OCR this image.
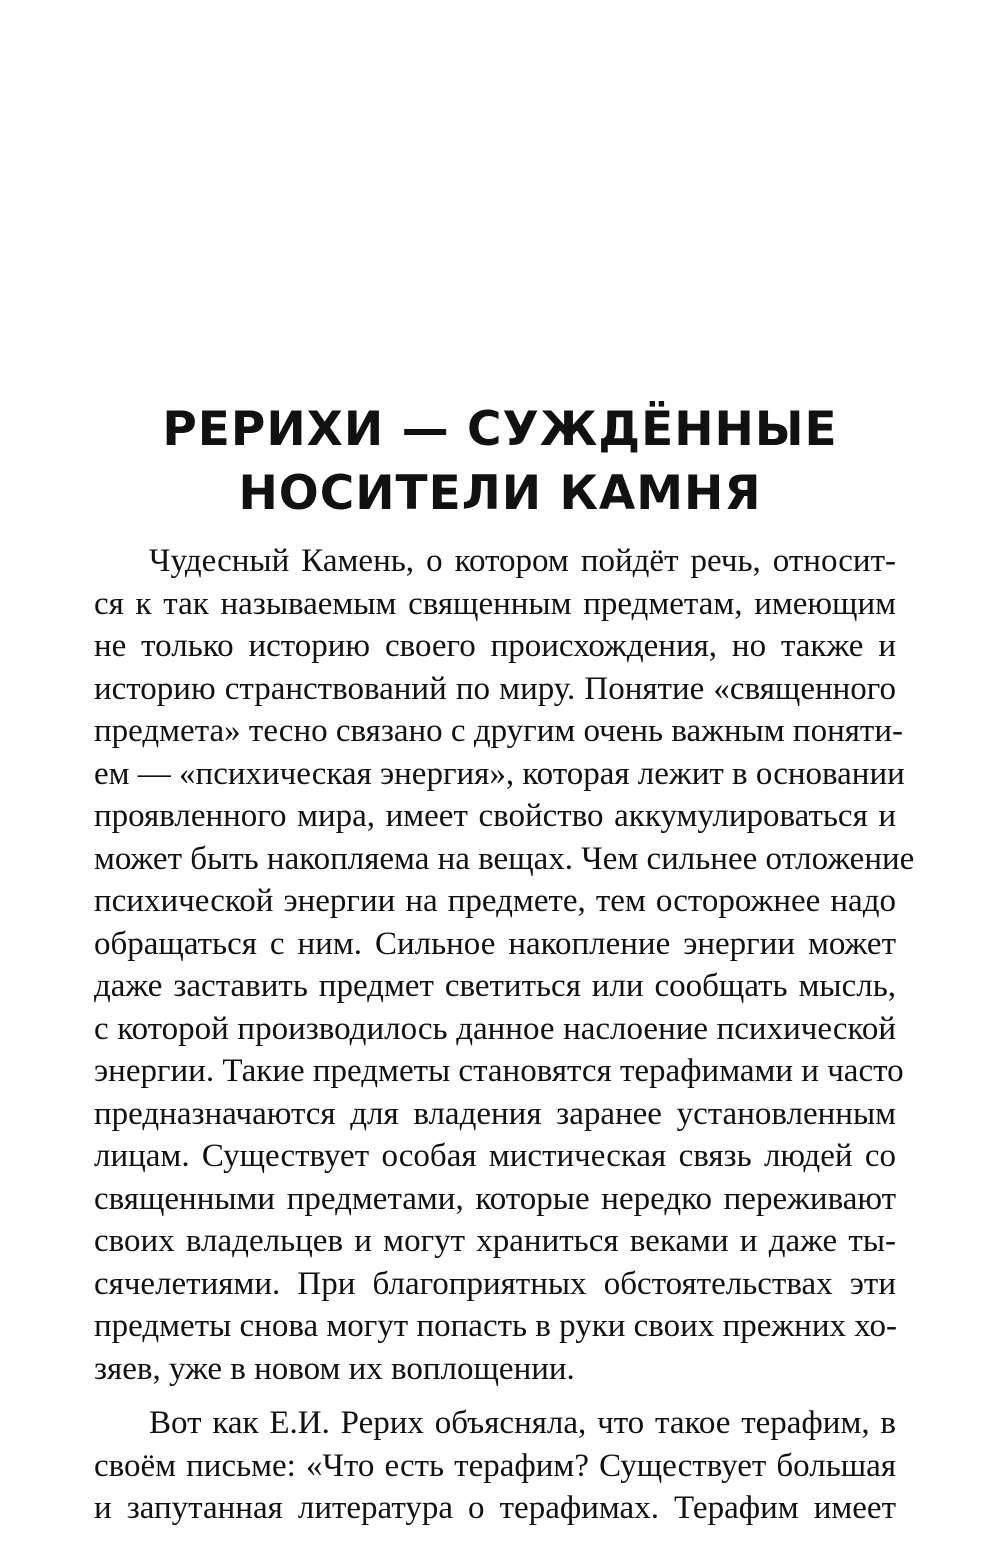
РЕРИХИ — СУЖДЁННЫЕ
НОСИТЕЛИ КАМНЯ
Чудесный Камень, о котором пойдёт речь, относит-
ся к так называемым священным предметам, имеющим
не только историю своего происхождения, но также и
историю странствований по миру. Понятие «священного
предмета» тесно связано с другим очень важным поняти-
ем — «психическая энергия», которая лежит в основании
проявленного мира, имеет свойство аккумулироваться и
может быть накопляема на вещах. Чем сильнее отложение
психической энергии на предмете, тем осторожнее надо
обращаться с ним. Сильное накопление энергии может
даже заставить предмет светиться или сообщать мысль,
с которой производилось данное наслоение психической
энергии. Такие предметы становятся терафимами и часто
предназначаются для владения заранее установленным
лицам. Существует особая мистическая связь людей со
священными предметами, которые нередко переживают
своих владельцев и могут храниться веками и даже ты-
сячелетиями. При благоприятных обстоятельствах эти
предметы снова могут попасть в руки своих прежних хо-
зяев, уже в новом их воплощении.
Вот как Е.И. Рерих объясняла, что такое терафим, в
своём письме: «Что есть терафим? Существует большая
и запутанная литература о терафимах. Терафим имеет
